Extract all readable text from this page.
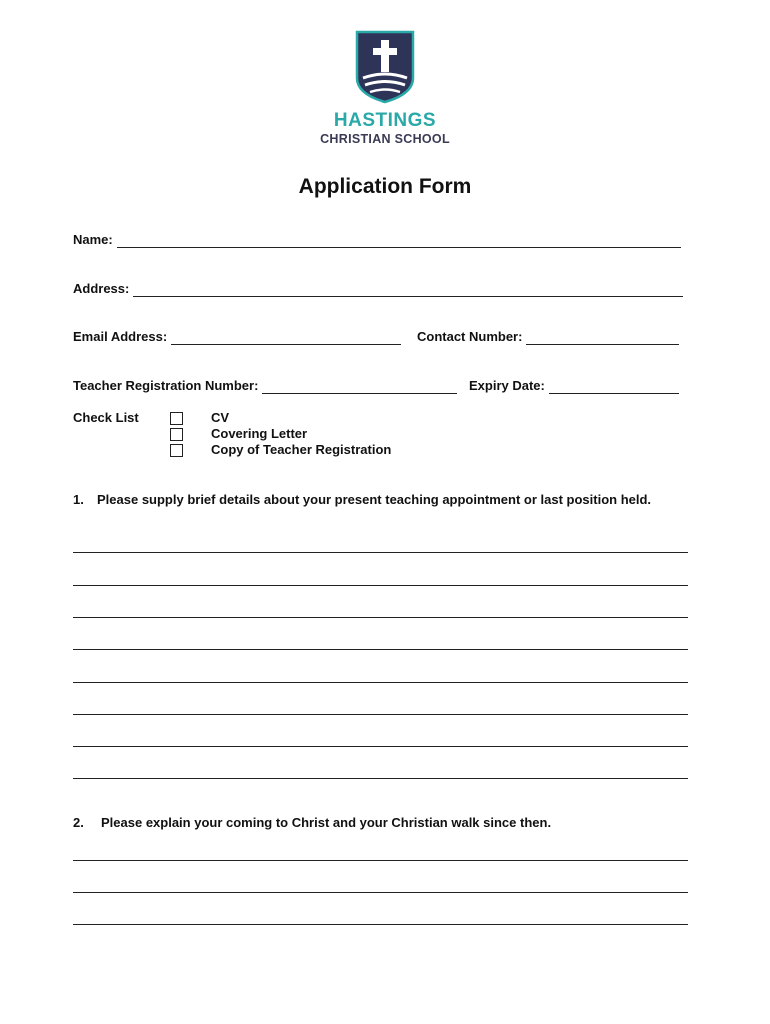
HASTINGS
CHRISTIAN SCHOOL
Application Form
Name:
Address:
Email Address:	Contact Number:
Teacher Registration Number:	Expiry Date:
Check List	CV
Covering Letter
Copy of Teacher Registration
1.	Please supply brief details about your present teaching appointment or last position held.
2.	Please explain your coming to Christ and your Christian walk since then.
